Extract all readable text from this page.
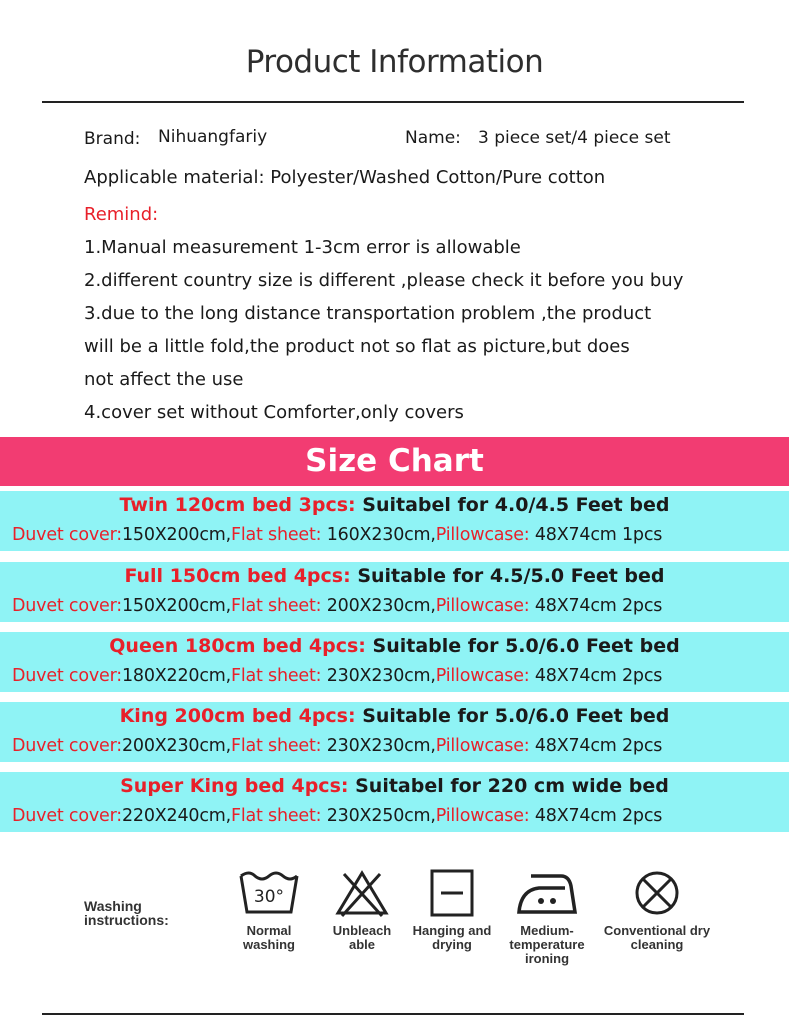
Product Information
Brand: Nihuangfariy	Name: 3 piece set/4 piece set
Applicable material: Polyester/Washed Cotton/Pure cotton
Remind:
1.Manual measurement 1-3cm error is allowable
2.different country size is different ,please check it before you buy
3.due to the long distance transportation problem ,the product
will be a little fold,the product not so flat as picture,but does
not affect the use
4.cover set without Comforter,only covers
Size Chart
Twin 120cm bed 3pcs: Suitabel for 4.0/4.5 Feet bed
Duvet cover:150X200cm,Flat sheet: 160X230cm,Pillowcase: 48X74cm 1pcs
Full 150cm bed 4pcs: Suitable for 4.5/5.0 Feet bed
Duvet cover:150X200cm,Flat sheet: 200X230cm,Pillowcase: 48X74cm 2pcs
Queen 180cm bed 4pcs: Suitable for 5.0/6.0 Feet bed
Duvet cover:180X220cm,Flat sheet: 230X230cm,Pillowcase: 48X74cm 2pcs
King 200cm bed 4pcs: Suitable for 5.0/6.0 Feet bed
Duvet cover:200X230cm,Flat sheet: 230X230cm,Pillowcase: 48X74cm 2pcs
Super King bed 4pcs: Suitabel for 220 cm wide bed
Duvet cover:220X240cm,Flat sheet: 230X250cm,Pillowcase: 48X74cm 2pcs
Washing
instructions:
30°
Normal
washing
Unbleach
able
Hanging and
drying
Medium-
temperature
ironing
Conventional dry
cleaning
